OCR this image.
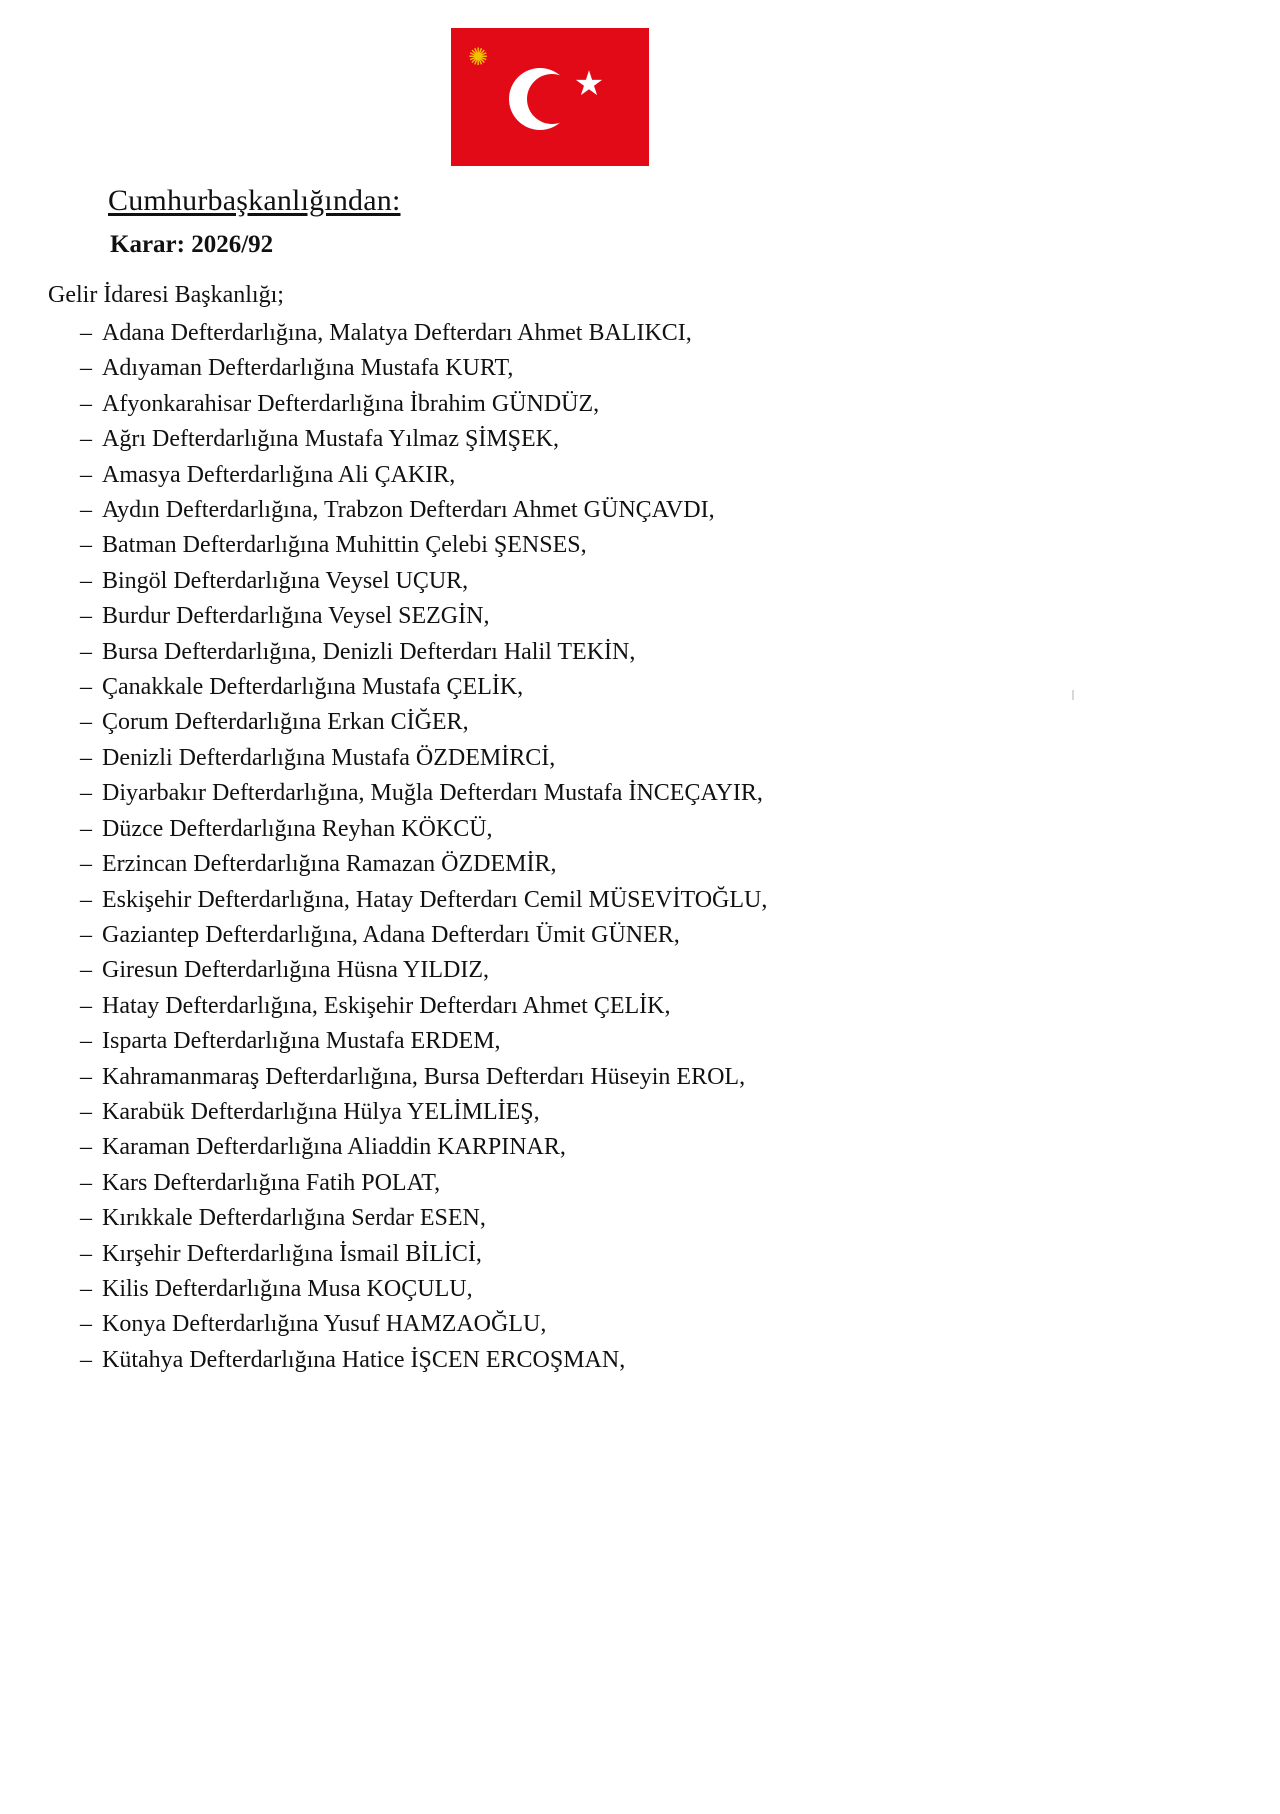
✺
★
Cumhurbaşkanlığından:
Karar: 2026/92
Gelir İdaresi Başkanlığı;
– Adana Defterdarlığına, Malatya Defterdarı Ahmet BALIKCI,
– Adıyaman Defterdarlığına Mustafa KURT,
– Afyonkarahisar Defterdarlığına İbrahim GÜNDÜZ,
– Ağrı Defterdarlığına Mustafa Yılmaz ŞİMŞEK,
– Amasya Defterdarlığına Ali ÇAKIR,
– Aydın Defterdarlığına, Trabzon Defterdarı Ahmet GÜNÇAVDI,
– Batman Defterdarlığına Muhittin Çelebi ŞENSES,
– Bingöl Defterdarlığına Veysel UÇUR,
– Burdur Defterdarlığına Veysel SEZGİN,
– Bursa Defterdarlığına, Denizli Defterdarı Halil TEKİN,
– Çanakkale Defterdarlığına Mustafa ÇELİK,
– Çorum Defterdarlığına Erkan CİĞER,
– Denizli Defterdarlığına Mustafa ÖZDEMİRCİ,
– Diyarbakır Defterdarlığına, Muğla Defterdarı Mustafa İNCEÇAYIR,
– Düzce Defterdarlığına Reyhan KÖKCÜ,
– Erzincan Defterdarlığına Ramazan ÖZDEMİR,
– Eskişehir Defterdarlığına, Hatay Defterdarı Cemil MÜSEVİTOĞLU,
– Gaziantep Defterdarlığına, Adana Defterdarı Ümit GÜNER,
– Giresun Defterdarlığına Hüsna YILDIZ,
– Hatay Defterdarlığına, Eskişehir Defterdarı Ahmet ÇELİK,
– Isparta Defterdarlığına Mustafa ERDEM,
– Kahramanmaraş Defterdarlığına, Bursa Defterdarı Hüseyin EROL,
– Karabük Defterdarlığına Hülya YELİMLİEŞ,
– Karaman Defterdarlığına Aliaddin KARPINAR,
– Kars Defterdarlığına Fatih POLAT,
– Kırıkkale Defterdarlığına Serdar ESEN,
– Kırşehir Defterdarlığına İsmail BİLİCİ,
– Kilis Defterdarlığına Musa KOÇULU,
– Konya Defterdarlığına Yusuf HAMZAOĞLU,
– Kütahya Defterdarlığına Hatice İŞCEN ERCOŞMAN,
